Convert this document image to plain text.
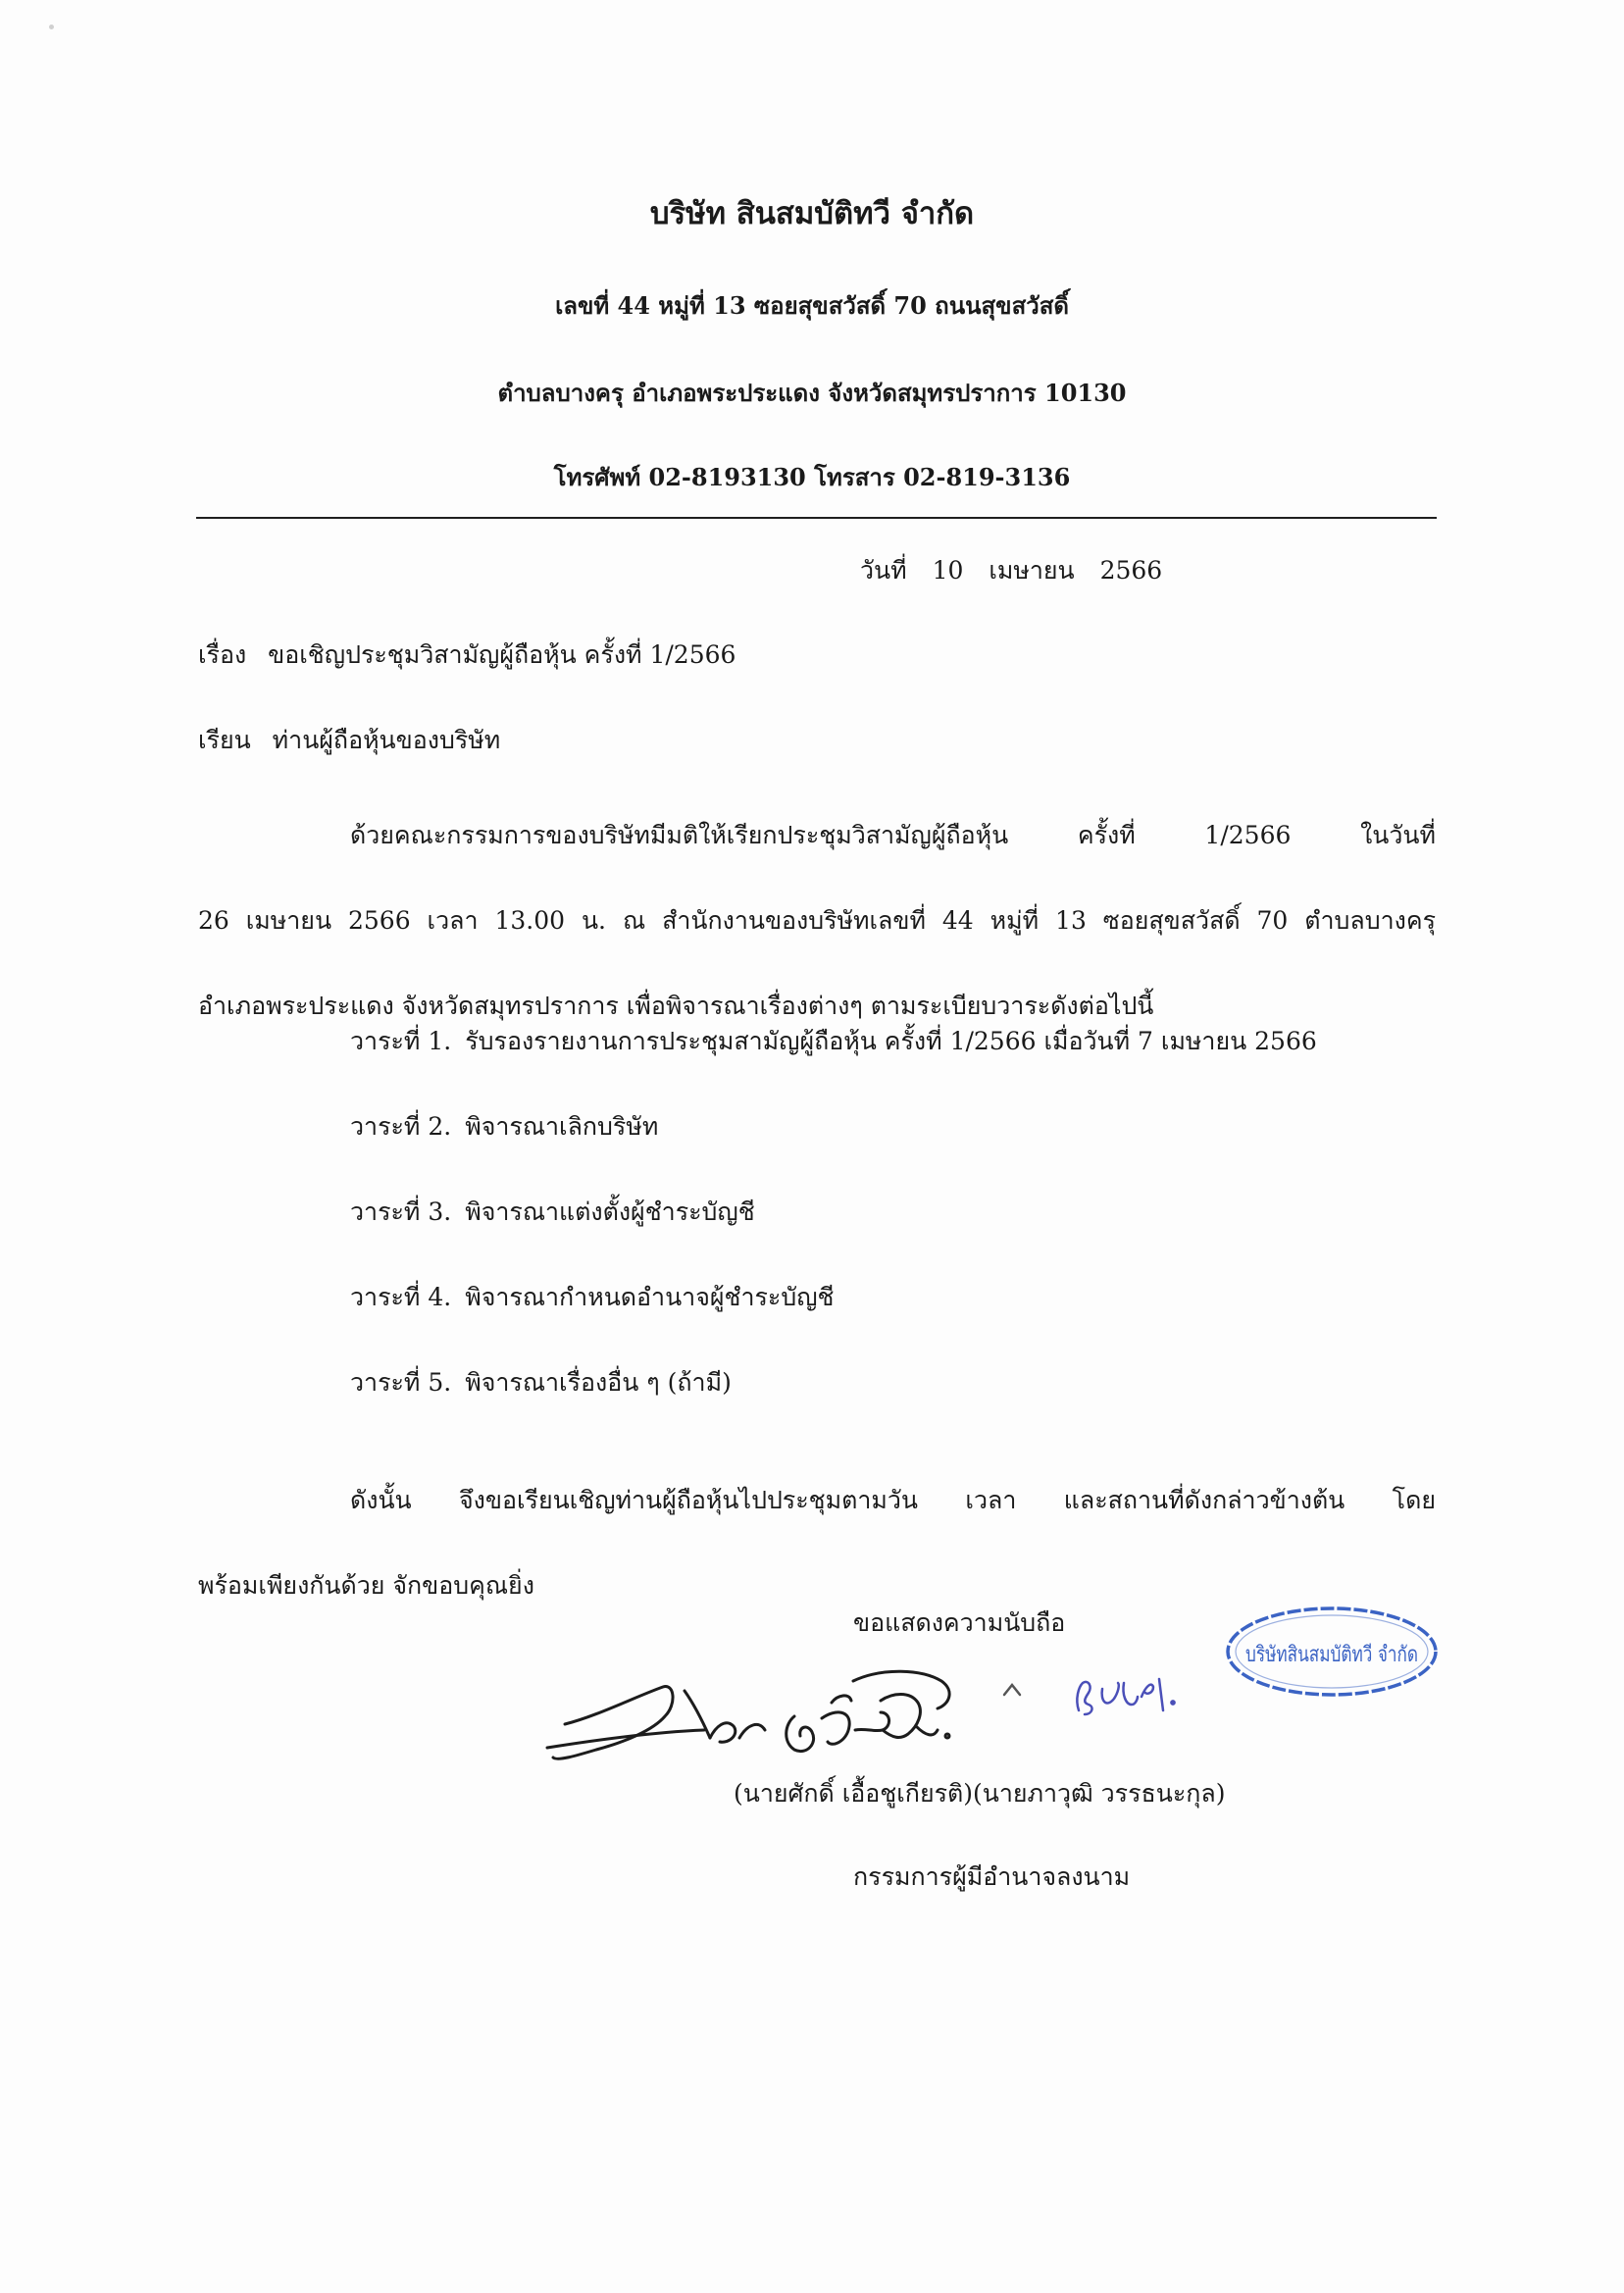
บริษัท สินสมบัติทวี จำกัด
เลขที่ 44 หมู่ที่ 13 ซอยสุขสวัสดิ์ 70 ถนนสุขสวัสดิ์
ตำบลบางครุ อำเภอพระประแดง จังหวัดสมุทรปราการ 10130
โทรศัพท์ 02-8193130 โทรสาร 02-819-3136
วันที่ 10 เมษายน 2566
เรื่อง ขอเชิญประชุมวิสามัญผู้ถือหุ้น ครั้งที่ 1/2566
เรียน ท่านผู้ถือหุ้นของบริษัท
ด้วยคณะกรรมการของบริษัทมีมติให้เรียกประชุมวิสามัญผู้ถือหุ้น ครั้งที่ 1/2566 ในวันที่
26 เมษายน 2566 เวลา 13.00 น. ณ สำนักงานของบริษัทเลขที่ 44 หมู่ที่ 13 ซอยสุขสวัสดิ์ 70 ตำบลบางครุ
อำเภอพระประแดง จังหวัดสมุทรปราการ เพื่อพิจารณาเรื่องต่างๆ ตามระเบียบวาระดังต่อไปนี้
วาระที่ 1. รับรองรายงานการประชุมสามัญผู้ถือหุ้น ครั้งที่ 1/2566 เมื่อวันที่ 7 เมษายน 2566
วาระที่ 2. พิจารณาเลิกบริษัท
วาระที่ 3. พิจารณาแต่งตั้งผู้ชำระบัญชี
วาระที่ 4. พิจารณากำหนดอำนาจผู้ชำระบัญชี
วาระที่ 5. พิจารณาเรื่องอื่น ๆ (ถ้ามี)
ดังนั้น จึงขอเรียนเชิญท่านผู้ถือหุ้นไปประชุมตามวัน เวลา และสถานที่ดังกล่าวข้างต้น โดย
พร้อมเพียงกันด้วย จักขอบคุณยิ่ง
ขอแสดงความนับถือ
บริษัทสินสมบัติทวี จำกัด
(นายศักดิ์ เอื้อชูเกียรติ)(นายภาวุฒิ วรรธนะกุล)
กรรมการผู้มีอำนาจลงนาม
